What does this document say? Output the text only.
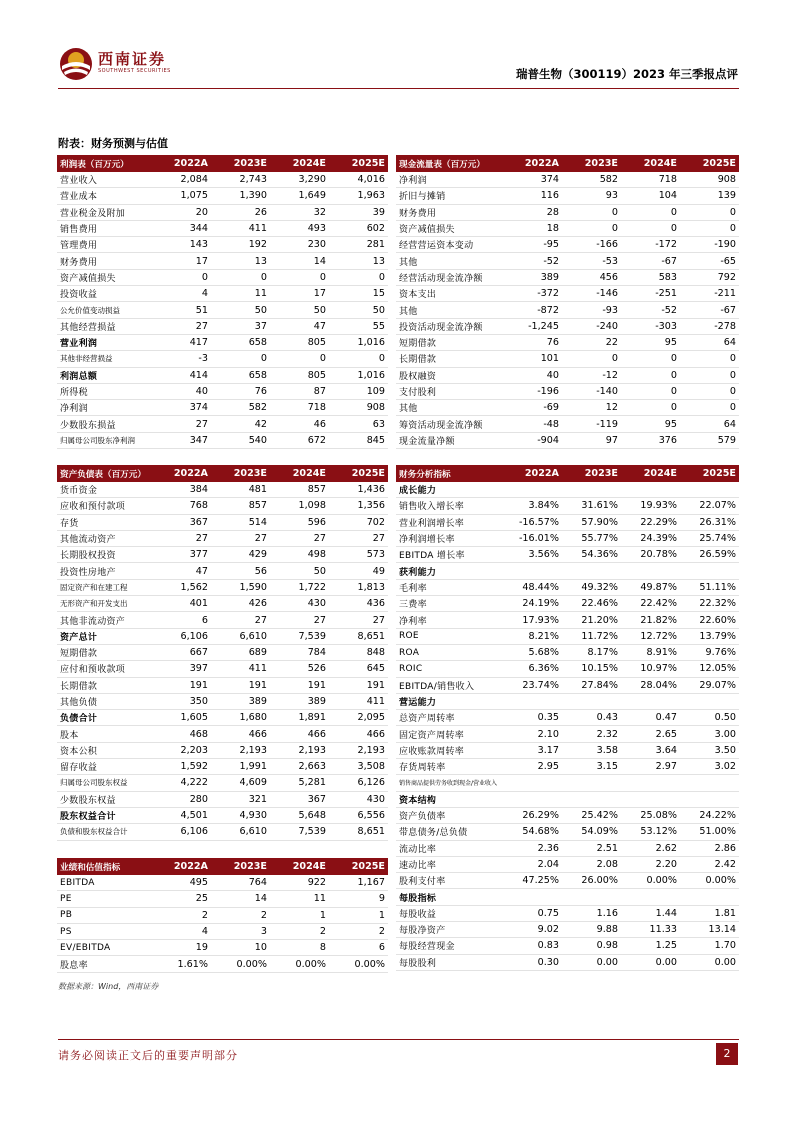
西南证券
SOUTHWEST SECURITIES	瑞普生物（300119）2023 年三季报点评
附表：财务预测与估值
利润表（百万元）	2022A	2023E	2024E	2025E
营业收入	2,084	2,743	3,290	4,016
营业成本	1,075	1,390	1,649	1,963
营业税金及附加	20	26	32	39
销售费用	344	411	493	602
管理费用	143	192	230	281
财务费用	17	13	14	13
资产减值损失	0	0	0	0
投资收益	4	11	17	15
公允价值变动损益	51	50	50	50
其他经营损益	27	37	47	55
营业利润	417	658	805	1,016
其他非经营损益	-3	0	0	0
利润总额	414	658	805	1,016
所得税	40	76	87	109
净利润	374	582	718	908
少数股东损益	27	42	46	63
归属母公司股东净利润	347	540	672	845
现金流量表（百万元）	2022A	2023E	2024E	2025E
净利润	374	582	718	908
折旧与摊销	116	93	104	139
财务费用	28	0	0	0
资产减值损失	18	0	0	0
经营营运资本变动	-95	-166	-172	-190
其他	-52	-53	-67	-65
经营活动现金流净额	389	456	583	792
资本支出	-372	-146	-251	-211
其他	-872	-93	-52	-67
投资活动现金流净额	-1,245	-240	-303	-278
短期借款	76	22	95	64
长期借款	101	0	0	0
股权融资	40	-12	0	0
支付股利	-196	-140	0	0
其他	-69	12	0	0
筹资活动现金流净额	-48	-119	95	64
现金流量净额	-904	97	376	579
资产负债表（百万元）	2022A	2023E	2024E	2025E
货币资金	384	481	857	1,436
应收和预付款项	768	857	1,098	1,356
存货	367	514	596	702
其他流动资产	27	27	27	27
长期股权投资	377	429	498	573
投资性房地产	47	56	50	49
固定资产和在建工程	1,562	1,590	1,722	1,813
无形资产和开发支出	401	426	430	436
其他非流动资产	6	27	27	27
资产总计	6,106	6,610	7,539	8,651
短期借款	667	689	784	848
应付和预收款项	397	411	526	645
长期借款	191	191	191	191
其他负债	350	389	389	411
负债合计	1,605	1,680	1,891	2,095
股本	468	466	466	466
资本公积	2,203	2,193	2,193	2,193
留存收益	1,592	1,991	2,663	3,508
归属母公司股东权益	4,222	4,609	5,281	6,126
少数股东权益	280	321	367	430
股东权益合计	4,501	4,930	5,648	6,556
负债和股东权益合计	6,106	6,610	7,539	8,651
业绩和估值指标	2022A	2023E	2024E	2025E
EBITDA	495	764	922	1,167
PE	25	14	11	9
PB	2	2	1	1
PS	4	3	2	2
EV/EBITDA	19	10	8	6
股息率	1.61%	0.00%	0.00%	0.00%
财务分析指标	2022A	2023E	2024E	2025E
成长能力				
销售收入增长率	3.84%	31.61%	19.93%	22.07%
营业利润增长率	-16.57%	57.90%	22.29%	26.31%
净利润增长率	-16.01%	55.77%	24.39%	25.74%
EBITDA 增长率	3.56%	54.36%	20.78%	26.59%
获利能力				
毛利率	48.44%	49.32%	49.87%	51.11%
三费率	24.19%	22.46%	22.42%	22.32%
净利率	17.93%	21.20%	21.82%	22.60%
ROE	8.21%	11.72%	12.72%	13.79%
ROA	5.68%	8.17%	8.91%	9.76%
ROIC	6.36%	10.15%	10.97%	12.05%
EBITDA/销售收入	23.74%	27.84%	28.04%	29.07%
营运能力				
总资产周转率	0.35	0.43	0.47	0.50
固定资产周转率	2.10	2.32	2.65	3.00
应收账款周转率	3.17	3.58	3.64	3.50
存货周转率	2.95	3.15	2.97	3.02
销售商品提供劳务收到现金/营业收入				
资本结构				
资产负债率	26.29%	25.42%	25.08%	24.22%
带息债务/总负债	54.68%	54.09%	53.12%	51.00%
流动比率	2.36	2.51	2.62	2.86
速动比率	2.04	2.08	2.20	2.42
股利支付率	47.25%	26.00%	0.00%	0.00%
每股指标				
每股收益	0.75	1.16	1.44	1.81
每股净资产	9.02	9.88	11.33	13.14
每股经营现金	0.83	0.98	1.25	1.70
每股股利	0.30	0.00	0.00	0.00
数据来源：Wind，西南证券
请务必阅读正文后的重要声明部分	2
